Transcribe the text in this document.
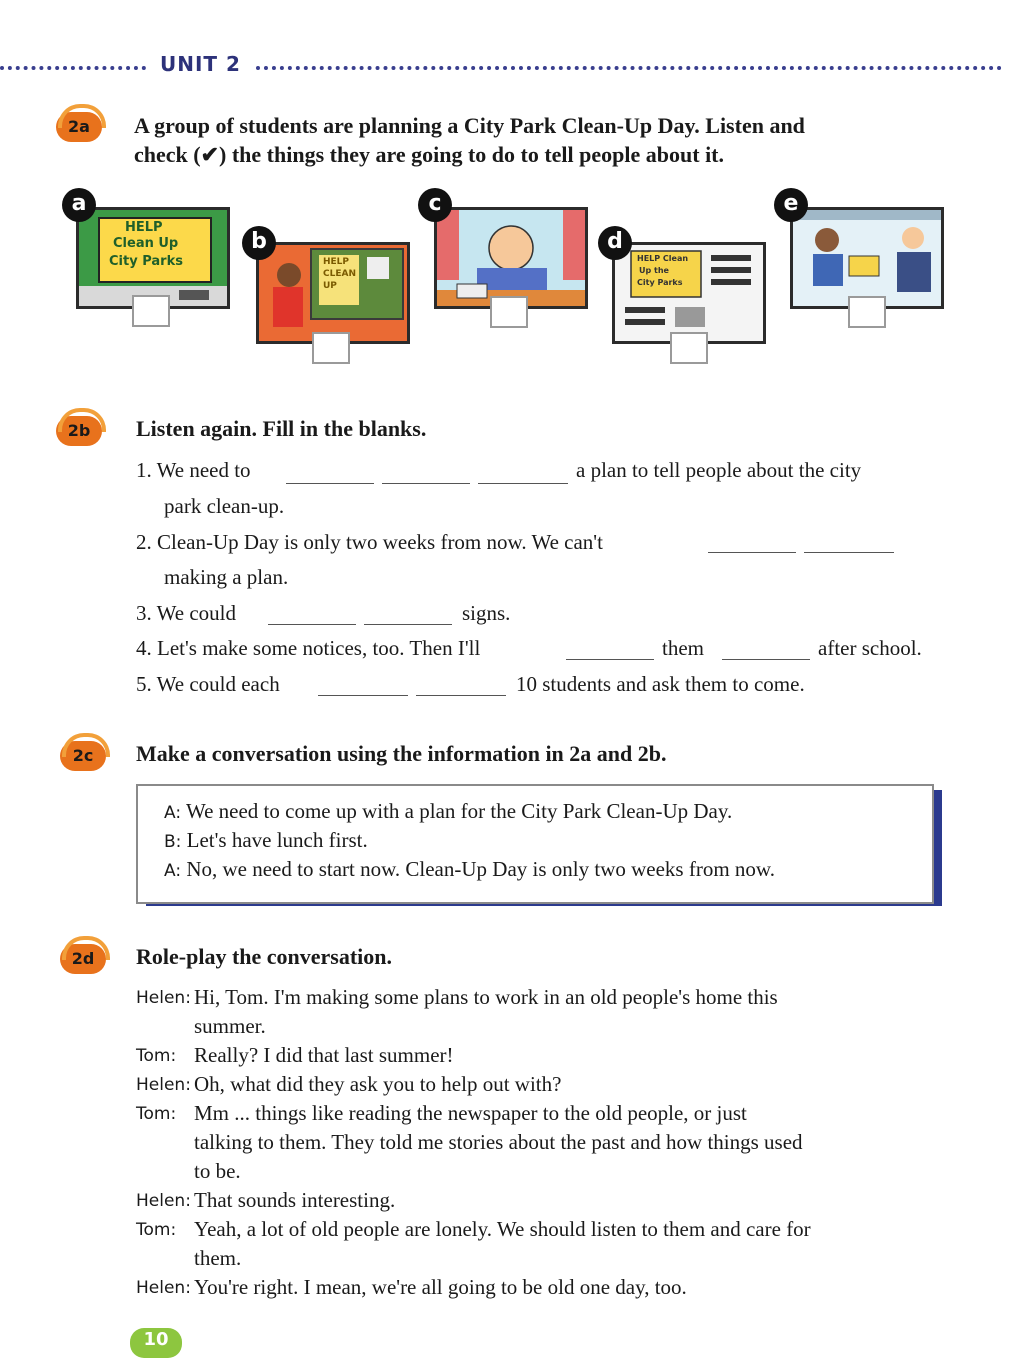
UNIT 2
2a	A group of students are planning a City Park Clean-Up Day. Listen and
check (✔) the things they are going to do to tell people about it.
HELP
Clean Up
City Parks
a
HELP
CLEAN
UP
b
c
HELP Clean
Up the
City Parks
d
e
2b	Listen again. Fill in the blanks.
1. We need to	a plan to tell people about the city
park clean-up.
2. Clean-Up Day is only two weeks from now. We can't
making a plan.
3. We could	signs.
4. Let's make some notices, too. Then I'll	them	after school.
5. We could each	10 students and ask them to come.
2c	Make a conversation using the information in 2a and 2b.
A: We need to come up with a plan for the City Park Clean-Up Day.
B: Let's have lunch first.
A: No, we need to start now. Clean-Up Day is only two weeks from now.
2d	Role-play the conversation.
Helen: Hi, Tom. I'm making some plans to work in an old people's home this
summer.
Tom: Really? I did that last summer!
Helen: Oh, what did they ask you to help out with?
Tom: Mm ... things like reading the newspaper to the old people, or just
talking to them. They told me stories about the past and how things used
to be.
Helen: That sounds interesting.
Tom: Yeah, a lot of old people are lonely. We should listen to them and care for
them.
Helen: You're right. I mean, we're all going to be old one day, too.
10
